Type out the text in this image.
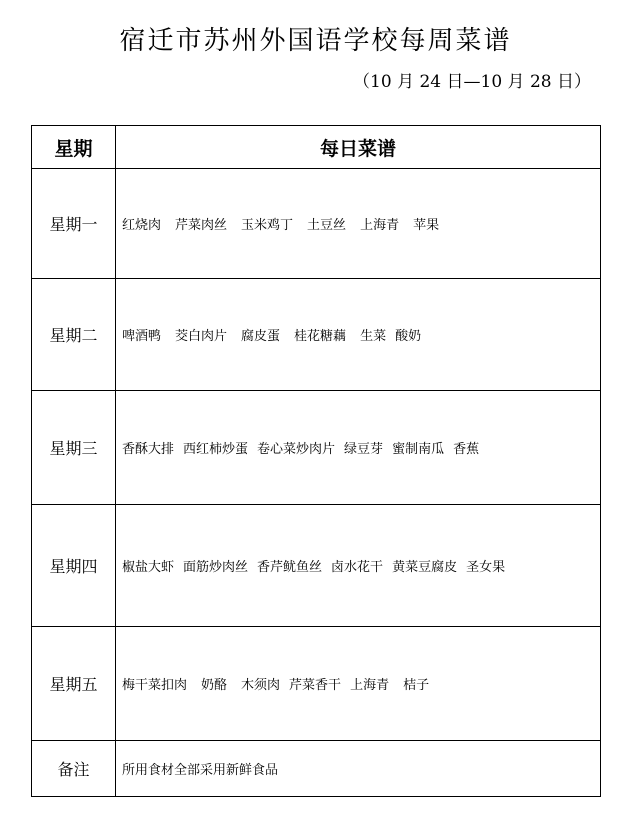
宿迁市苏州外国语学校每周菜谱
（10 月 24 日—10 月 28 日）
星期	每日菜谱
星期一	红烧肉 芹菜肉丝 玉米鸡丁 土豆丝 上海青 苹果
星期二	啤酒鸭 茭白肉片 腐皮蛋 桂花糖藕 生菜 酸奶
星期三	香酥大排 西红柿炒蛋 卷心菜炒肉片 绿豆芽 蜜制南瓜 香蕉
星期四	椒盐大虾 面筋炒肉丝 香芹鱿鱼丝 卤水花干 黄菜豆腐皮 圣女果
星期五	梅干菜扣肉 奶酪 木须肉 芹菜香干 上海青 桔子
备注	所用食材全部采用新鲜食品
